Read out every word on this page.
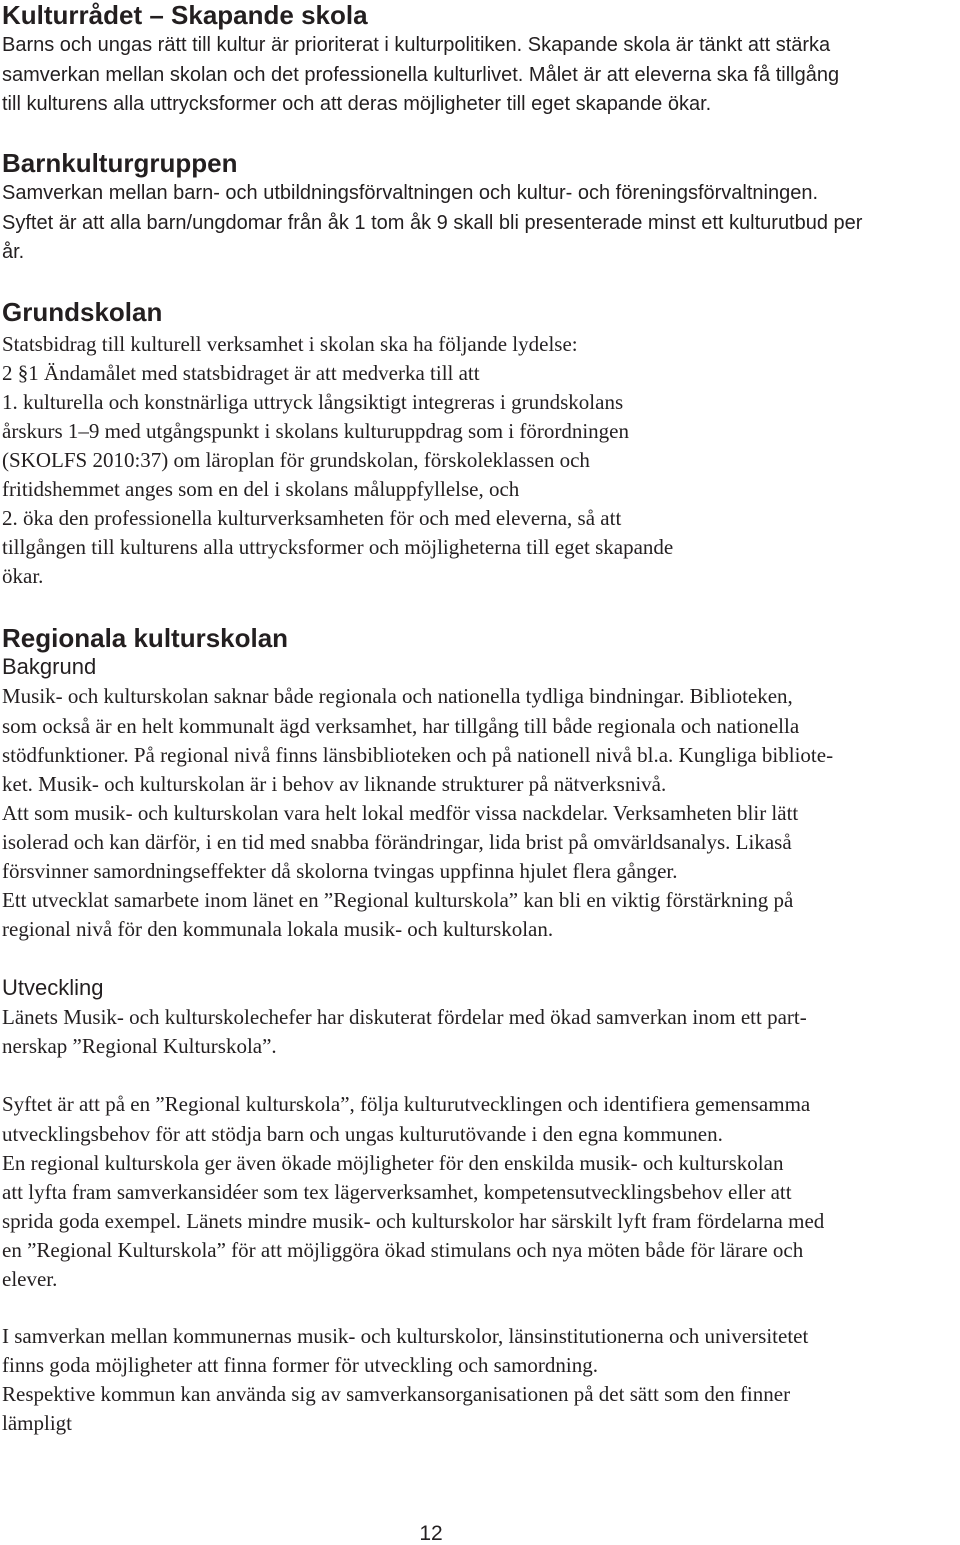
Kulturrådet – Skapande skola
Barns och ungas rätt till kultur är prioriterat i kulturpolitiken. Skapande skola är tänkt att stärka
samverkan mellan skolan och det professionella kulturlivet. Målet är att eleverna ska få tillgång
till kulturens alla uttrycksformer och att deras möjligheter till eget skapande ökar.
Barnkulturgruppen
Samverkan mellan barn- och utbildningsförvaltningen och kultur- och föreningsförvaltningen.
Syftet är att alla barn/ungdomar från åk 1 tom åk 9 skall bli presenterade minst ett kulturutbud per
år.
Grundskolan
Statsbidrag till kulturell verksamhet i skolan ska ha följande lydelse:
2 §1 Ändamålet med statsbidraget är att medverka till att
1. kulturella och konstnärliga uttryck långsiktigt integreras i grundskolans
årskurs 1–9 med utgångspunkt i skolans kulturuppdrag som i förordningen
(SKOLFS 2010:37) om läroplan för grundskolan, förskoleklassen och
fritidshemmet anges som en del i skolans måluppfyllelse, och
2. öka den professionella kulturverksamheten för och med eleverna, så att
tillgången till kulturens alla uttrycksformer och möjligheterna till eget skapande
ökar.
Regionala kulturskolan
Bakgrund
Musik- och kulturskolan saknar både regionala och nationella tydliga bindningar. Biblioteken,
som också är en helt kommunalt ägd verksamhet, har tillgång till både regionala och nationella
stödfunktioner. På regional nivå finns länsbiblioteken och på nationell nivå bl.a. Kungliga bibliote-
ket. Musik- och kulturskolan är i behov av liknande strukturer på nätverksnivå.
Att som musik- och kulturskolan vara helt lokal medför vissa nackdelar. Verksamheten blir lätt
isolerad och kan därför, i en tid med snabba förändringar, lida brist på omvärldsanalys. Likaså
försvinner samordningseffekter då skolorna tvingas uppfinna hjulet flera gånger.
Ett utvecklat samarbete inom länet en ”Regional kulturskola” kan bli en viktig förstärkning på
regional nivå för den kommunala lokala musik- och kulturskolan.
Utveckling
Länets Musik- och kulturskolechefer har diskuterat fördelar med ökad samverkan inom ett part-
nerskap ”Regional Kulturskola”.
Syftet är att på en ”Regional kulturskola”, följa kulturutvecklingen och identifiera gemensamma
utvecklingsbehov för att stödja barn och ungas kulturutövande i den egna kommunen.
En regional kulturskola ger även ökade möjligheter för den enskilda musik- och kulturskolan
att lyfta fram samverkansidéer som tex lägerverksamhet, kompetensutvecklingsbehov eller att
sprida goda exempel. Länets mindre musik- och kulturskolor har särskilt lyft fram fördelarna med
en ”Regional Kulturskola” för att möjliggöra ökad stimulans och nya möten både för lärare och
elever.
I samverkan mellan kommunernas musik- och kulturskolor, länsinstitutionerna och universitetet
finns goda möjligheter att finna former för utveckling och samordning.
Respektive kommun kan använda sig av samverkansorganisationen på det sätt som den finner
lämpligt
12
